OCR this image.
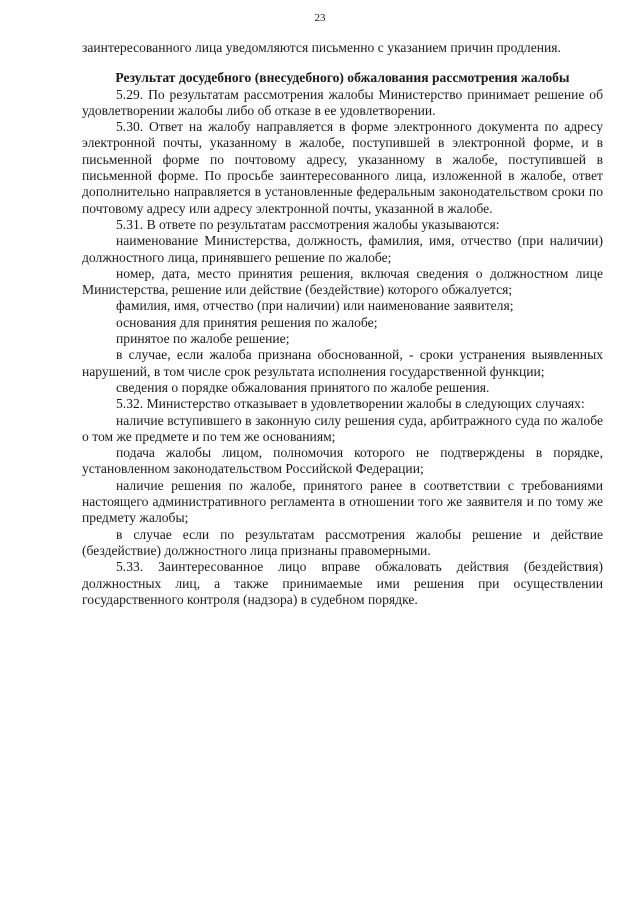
23

заинтересованного лица уведомляются письменно с указанием причин продления.

Результат досудебного (внесудебного) обжалования рассмотрения жалобы

5.29. По результатам рассмотрения жалобы Министерство принимает решение об удовлетворении жалобы либо об отказе в ее удовлетворении.

5.30. Ответ на жалобу направляется в форме электронного документа по адресу электронной почты, указанному в жалобе, поступившей в электронной форме, и в письменной форме по почтовому адресу, указанному в жалобе, поступившей в письменной форме. По просьбе заинтересованного лица, изложенной в жалобе, ответ дополнительно направляется в установленные федеральным законодательством сроки по почтовому адресу или адресу электронной почты, указанной в жалобе.

5.31. В ответе по результатам рассмотрения жалобы указываются:

наименование Министерства, должность, фамилия, имя, отчество (при наличии) должностного лица, принявшего решение по жалобе;

номер, дата, место принятия решения, включая сведения о должностном лице Министерства, решение или действие (бездействие) которого обжалуется;

фамилия, имя, отчество (при наличии) или наименование заявителя;

основания для принятия решения по жалобе;

принятое по жалобе решение;

в случае, если жалоба признана обоснованной, - сроки устранения выявленных нарушений, в том числе срок результата исполнения государственной функции;

сведения о порядке обжалования принятого по жалобе решения.

5.32. Министерство отказывает в удовлетворении жалобы в следующих случаях:

наличие вступившего в законную силу решения суда, арбитражного суда по жалобе о том же предмете и по тем же основаниям;

подача жалобы лицом, полномочия которого не подтверждены в порядке, установленном законодательством Российской Федерации;

наличие решения по жалобе, принятого ранее в соответствии с требованиями настоящего административного регламента в отношении того же заявителя и по тому же предмету жалобы;

в случае если по результатам рассмотрения жалобы решение и действие (бездействие) должностного лица признаны правомерными.

5.33. Заинтересованное лицо вправе обжаловать действия (бездействия) должностных лиц, а также принимаемые ими решения при осуществлении государственного контроля (надзора) в судебном порядке.
